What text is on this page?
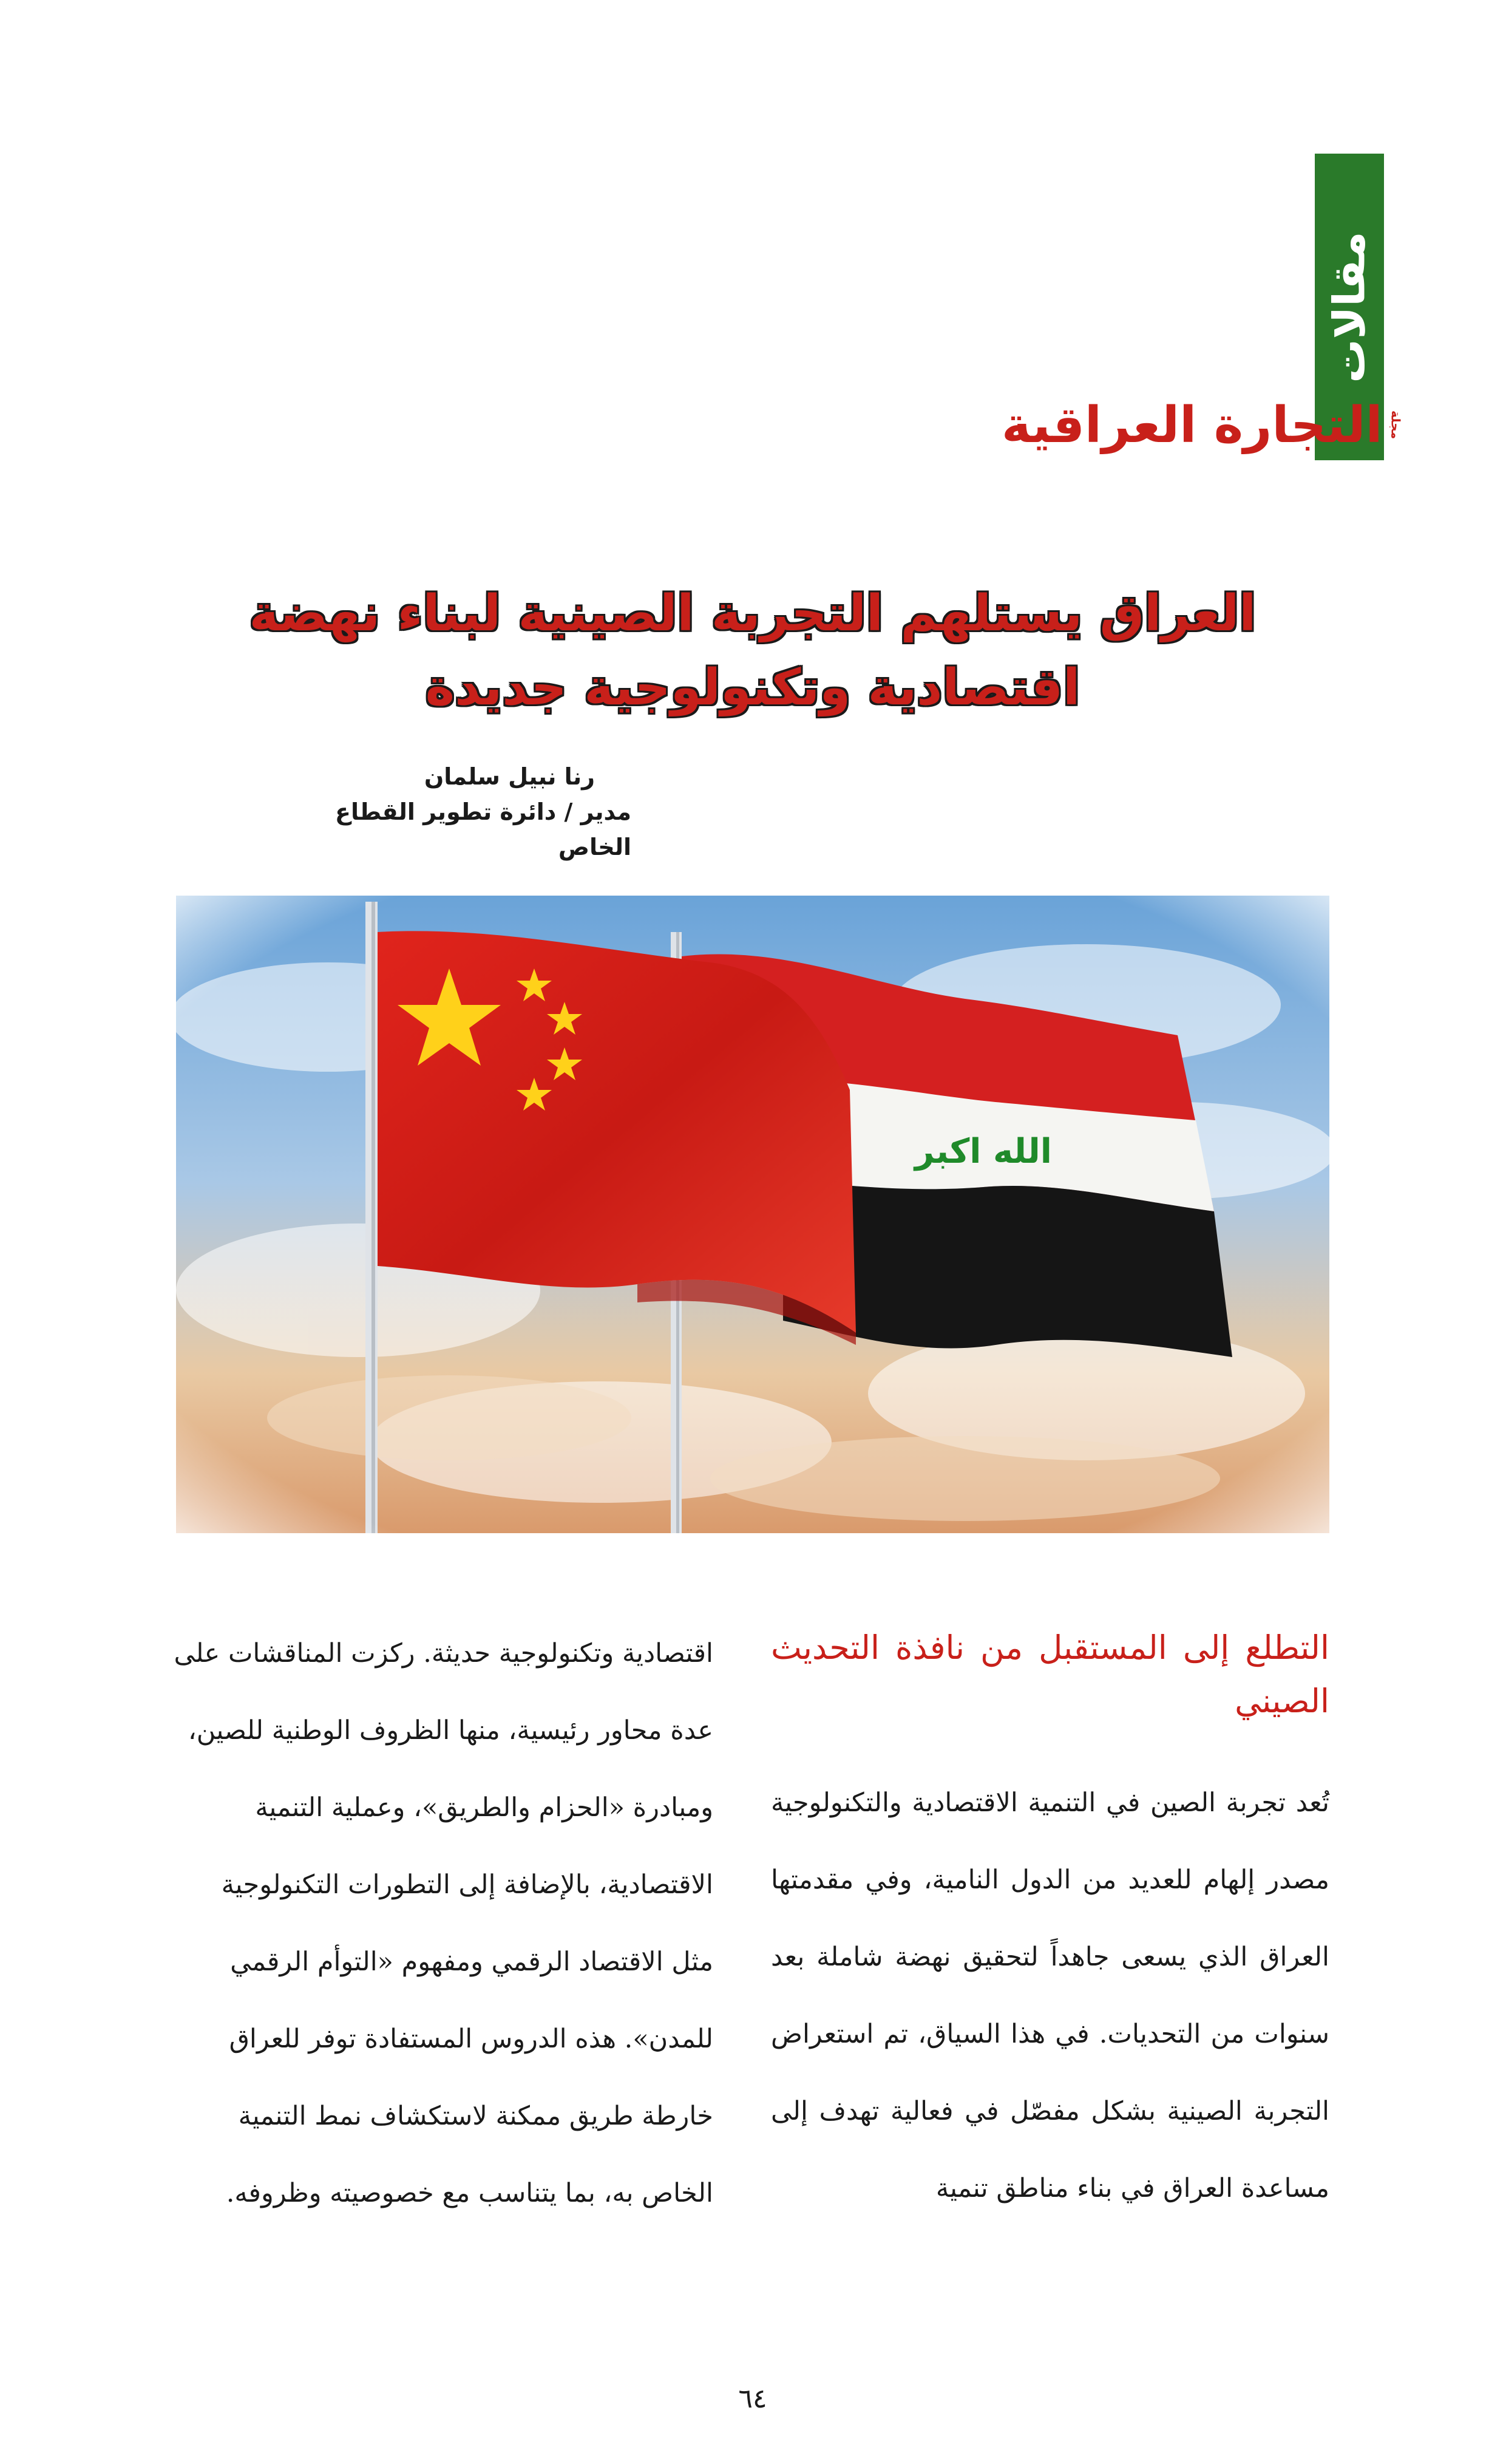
مقالات
مجلة
التجارة العراقية
العراق يستلهم التجربة الصينية لبناء نهضة
اقتصادية وتكنولوجية جديدة
رنا نبيل سلمان
مدير / دائرة تطوير القطاع الخاص
التطلع إلى المستقبل من نافذة التحديث الصيني

تُعد تجربة الصين في التنمية الاقتصادية والتكنولوجية مصدر إلهام للعديد من الدول النامية، وفي مقدمتها العراق الذي يسعى جاهداً لتحقيق نهضة شاملة بعد سنوات من التحديات. في هذا السياق، تم استعراض التجربة الصينية بشكل مفصّل في فعالية تهدف إلى مساعدة العراق في بناء مناطق تنمية

اقتصادية وتكنولوجية حديثة. ركزت المناقشات على عدة محاور رئيسية، منها الظروف الوطنية للصين، ومبادرة «الحزام والطريق»، وعملية التنمية الاقتصادية، بالإضافة إلى التطورات التكنولوجية مثل الاقتصاد الرقمي ومفهوم «التوأم الرقمي للمدن». هذه الدروس المستفادة توفر للعراق خارطة طريق ممكنة لاستكشاف نمط التنمية الخاص به، بما يتناسب مع خصوصيته وظروفه.

٦٤
